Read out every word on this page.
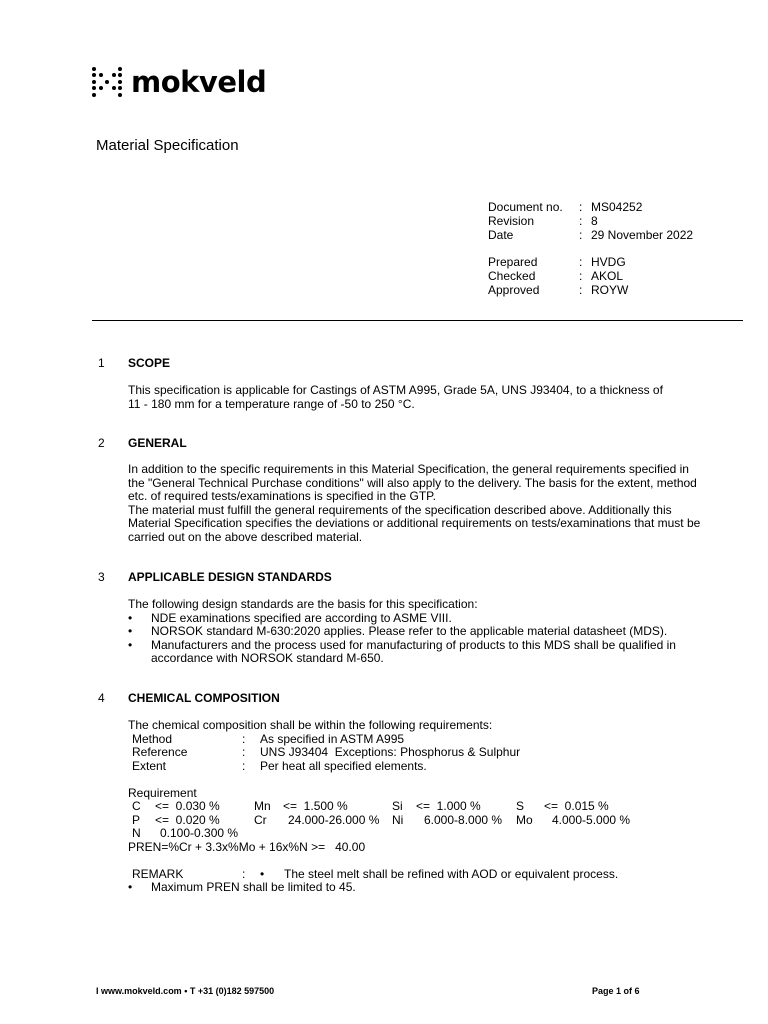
mokveld
Material Specification
Document no.	: MS04252
Revision	: 8
Date	: 29 November 2022
Prepared	: HVDG
Checked	: AKOL
Approved	: ROYW
1 SCOPE

This specification is applicable for Castings of ASTM A995, Grade 5A, UNS J93404, to a thickness of

11 - 180 mm for a temperature range of -50 to 250 °C.

2 GENERAL

In addition to the specific requirements in this Material Specification, the general requirements specified in

the "General Technical Purchase conditions" will also apply to the delivery. The basis for the extent, method

etc. of required tests/examinations is specified in the GTP.

The material must fulfill the general requirements of the specification described above. Additionally this

Material Specification specifies the deviations or additional requirements on tests/examinations that must be

carried out on the above described material.

3 APPLICABLE DESIGN STANDARDS

The following design standards are the basis for this specification:

•	NDE examinations specified are according to ASME VIII.
•	NORSOK standard M-630:2020 applies. Please refer to the applicable material datasheet (MDS).
•	Manufacturers and the process used for manufacturing of products to this MDS shall be qualified in
accordance with NORSOK standard M-650.
4 CHEMICAL COMPOSITION

The chemical composition shall be within the following requirements:

Method	:	As specified in ASTM A995
Reference	:	UNS J93404  Exceptions: Phosphorus & Sulphur
Extent	:	Per heat all specified elements.

Requirement

C <=  0.030 %	Mn <=  1.500 %	Si <=  1.000 %	S <=  0.015 %
P <=  0.020 %	Cr 24.000-26.000 % Ni 6.000-8.000 % Mo 4.000-5.000 %
N 0.100-0.300 %

PREN=%Cr + 3.3x%Mo + 16x%N >=   40.00

REMARK	:	•	The steel melt shall be refined with AOD or equivalent process.
•	Maximum PREN shall be limited to 45.
I www.mokveld.com • T +31 (0)182 597500	Page 1 of 6
